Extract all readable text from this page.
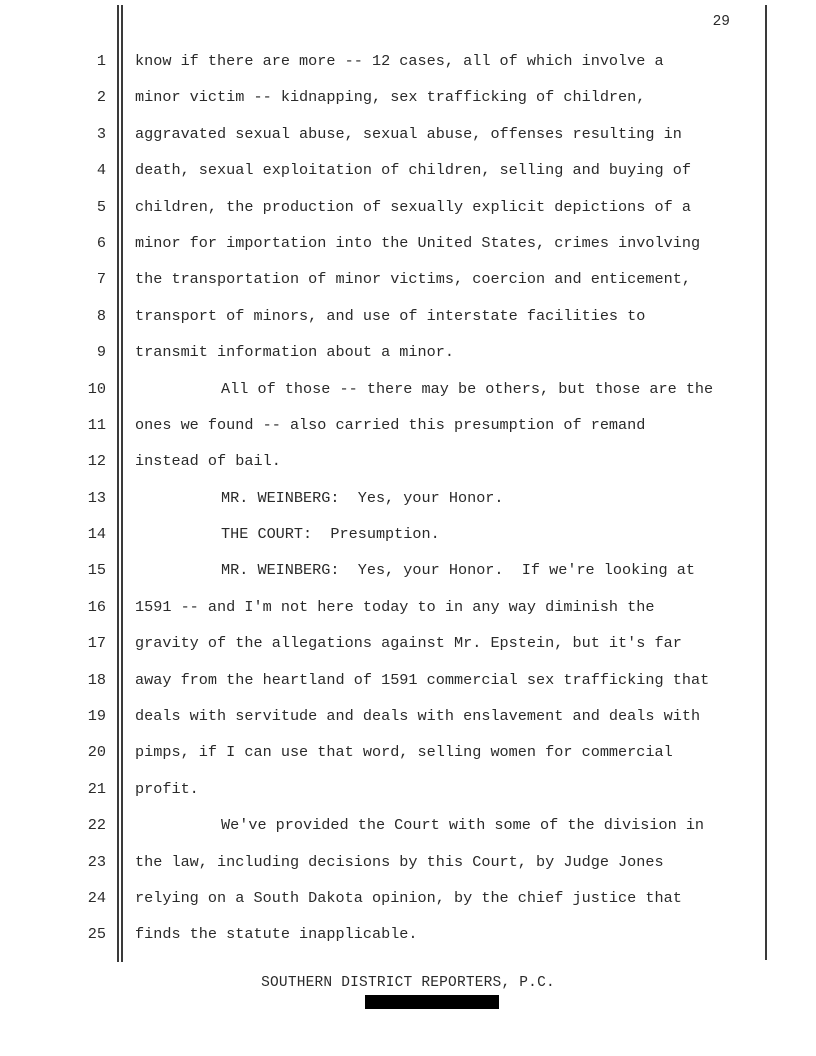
29
1 know if there are more -- 12 cases, all of which involve a
2 minor victim -- kidnapping, sex trafficking of children,
3 aggravated sexual abuse, sexual abuse, offenses resulting in
4 death, sexual exploitation of children, selling and buying of
5 children, the production of sexually explicit depictions of a
6 minor for importation into the United States, crimes involving
7 the transportation of minor victims, coercion and enticement,
8 transport of minors, and use of interstate facilities to
9 transmit information about a minor.
10	All of those -- there may be others, but those are the
11 ones we found -- also carried this presumption of remand
12 instead of bail.
13	MR. WEINBERG:  Yes, your Honor.
14	THE COURT:  Presumption.
15	MR. WEINBERG:  Yes, your Honor.  If we're looking at
16 1591 -- and I'm not here today to in any way diminish the
17 gravity of the allegations against Mr. Epstein, but it's far
18 away from the heartland of 1591 commercial sex trafficking that
19 deals with servitude and deals with enslavement and deals with
20 pimps, if I can use that word, selling women for commercial
21 profit.
22	We've provided the Court with some of the division in
23 the law, including decisions by this Court, by Judge Jones
24 relying on a South Dakota opinion, by the chief justice that
25 finds the statute inapplicable.
SOUTHERN DISTRICT REPORTERS, P.C.
